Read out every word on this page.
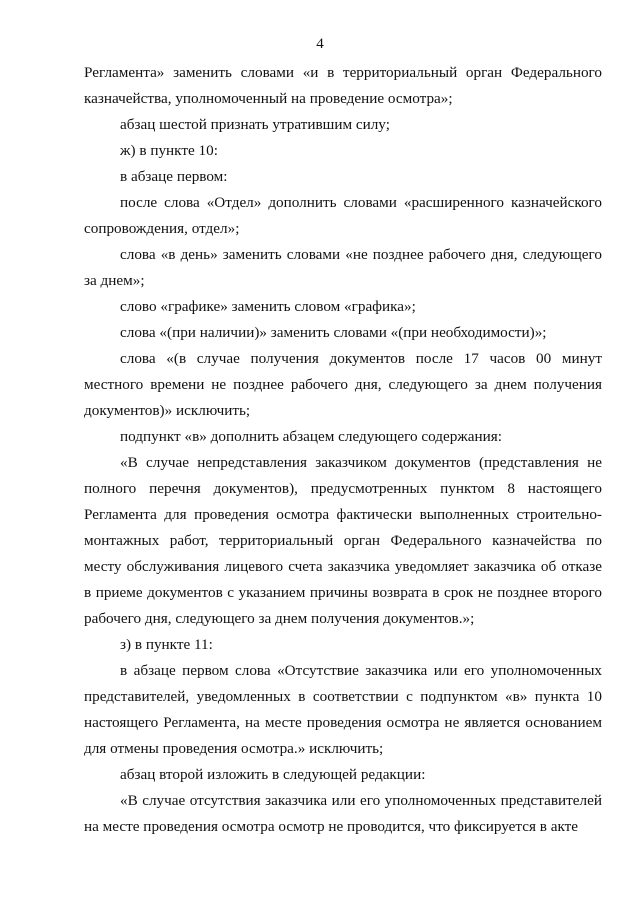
4

Регламента» заменить словами «и в территориальный орган Федерального казначейства, уполномоченный на проведение осмотра»;

абзац шестой признать утратившим силу;

ж) в пункте 10:

в абзаце первом:

после слова «Отдел» дополнить словами «расширенного казначейского сопровождения, отдел»;

слова «в день» заменить словами «не позднее рабочего дня, следующего за днем»;

слово «графике» заменить словом «графика»;

слова «(при наличии)» заменить словами «(при необходимости)»;

слова «(в случае получения документов после 17 часов 00 минут местного времени не позднее рабочего дня, следующего за днем получения документов)» исключить;

подпункт «в» дополнить абзацем следующего содержания:

«В случае непредставления заказчиком документов (представления не полного перечня документов), предусмотренных пунктом 8 настоящего Регламента для проведения осмотра фактически выполненных строительно-монтажных работ, территориальный орган Федерального казначейства по месту обслуживания лицевого счета заказчика уведомляет заказчика об отказе в приеме документов с указанием причины возврата в срок не позднее второго рабочего дня, следующего за днем получения документов.»;

з) в пункте 11:

в абзаце первом слова «Отсутствие заказчика или его уполномоченных представителей, уведомленных в соответствии с подпунктом «в» пункта 10 настоящего Регламента, на месте проведения осмотра не является основанием для отмены проведения осмотра.» исключить;

абзац второй изложить в следующей редакции:

«В случае отсутствия заказчика или его уполномоченных представителей на месте проведения осмотра осмотр не проводится, что фиксируется в акте
